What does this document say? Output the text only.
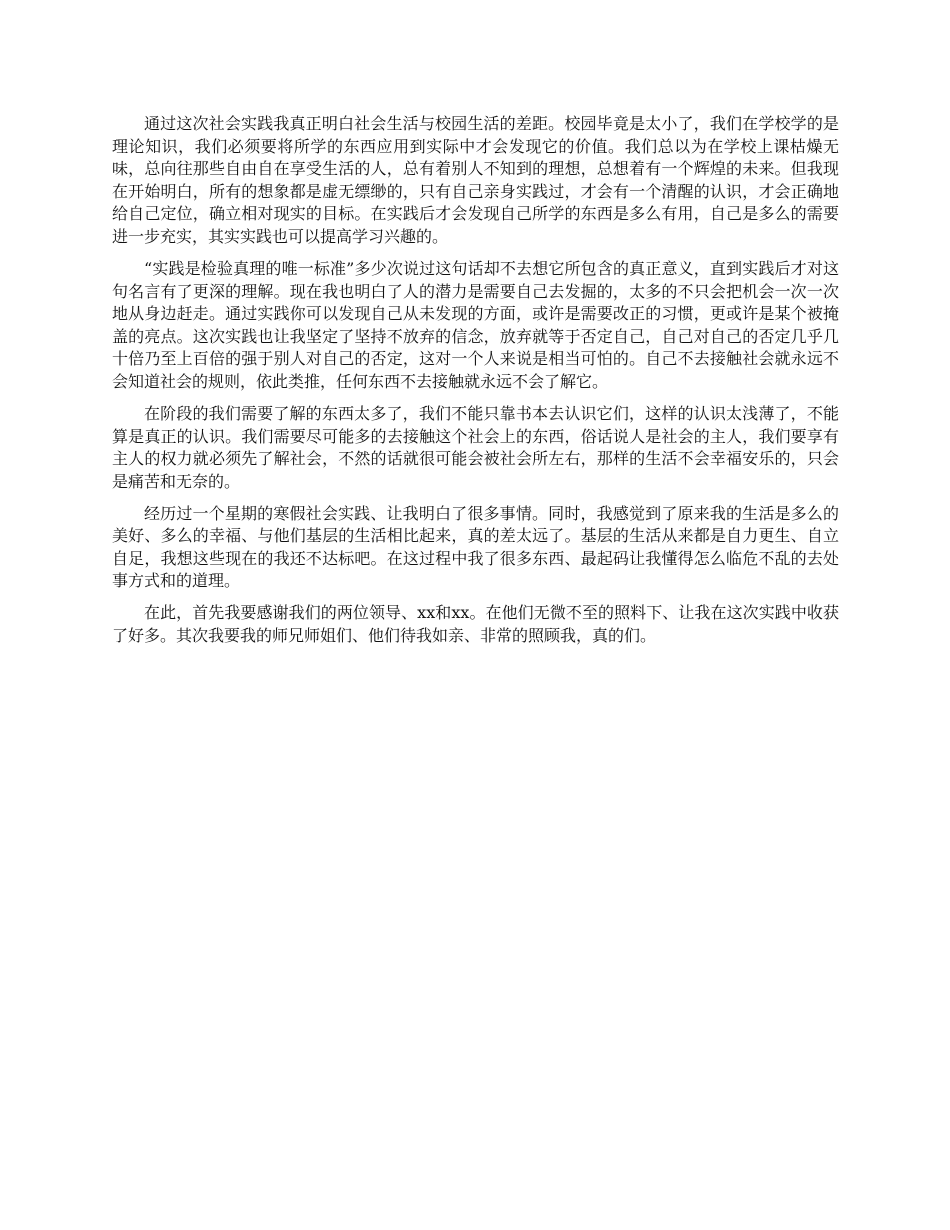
通过这次社会实践我真正明白社会生活与校园生活的差距。校园毕竟是太小了，我们在学校学的是理论知识，我们必须要将所学的东西应用到实际中才会发现它的价值。我们总以为在学校上课枯燥无味，总向往那些自由自在享受生活的人，总有着别人不知到的理想，总想着有一个辉煌的未来。但我现在开始明白，所有的想象都是虚无缥缈的，只有自己亲身实践过，才会有一个清醒的认识，才会正确地给自己定位，确立相对现实的目标。在实践后才会发现自己所学的东西是多么有用，自己是多么的需要进一步充实，其实实践也可以提高学习兴趣的。

“实践是检验真理的唯一标准”多少次说过这句话却不去想它所包含的真正意义，直到实践后才对这句名言有了更深的理解。现在我也明白了人的潜力是需要自己去发掘的，太多的不只会把机会一次一次地从身边赶走。通过实践你可以发现自己从未发现的方面，或许是需要改正的习惯，更或许是某个被掩盖的亮点。这次实践也让我坚定了坚持不放弃的信念，放弃就等于否定自己，自己对自己的否定几乎几十倍乃至上百倍的强于别人对自己的否定，这对一个人来说是相当可怕的。自己不去接触社会就永远不会知道社会的规则，依此类推，任何东西不去接触就永远不会了解它。

在阶段的我们需要了解的东西太多了，我们不能只靠书本去认识它们，这样的认识太浅薄了，不能算是真正的认识。我们需要尽可能多的去接触这个社会上的东西，俗话说人是社会的主人，我们要享有主人的权力就必须先了解社会，不然的话就很可能会被社会所左右，那样的生活不会幸福安乐的，只会是痛苦和无奈的。

经历过一个星期的寒假社会实践、让我明白了很多事情。同时，我感觉到了原来我的生活是多么的美好、多么的幸福、与他们基层的生活相比起来，真的差太远了。基层的生活从来都是自力更生、自立自足，我想这些现在的我还不达标吧。在这过程中我了很多东西、最起码让我懂得怎么临危不乱的去处事方式和的道理。

在此，首先我要感谢我们的两位领导、xx和xx。在他们无微不至的照料下、让我在这次实践中收获了好多。其次我要我的师兄师姐们、他们待我如亲、非常的照顾我，真的们。
